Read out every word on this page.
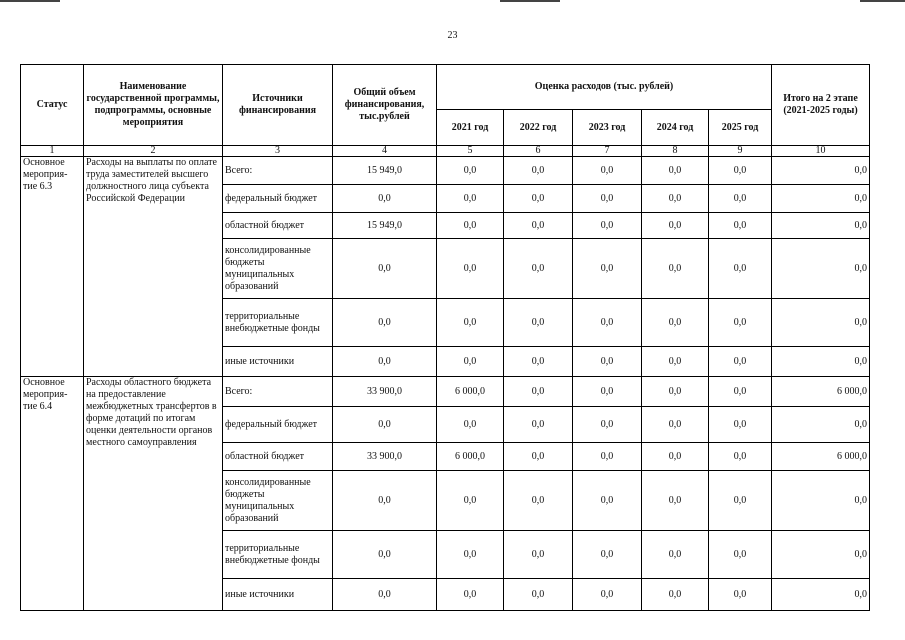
23
Статус	Наименование государственной программы, подпрограммы, основные мероприятия	Источники финансирования	Общий объем финансирования, тыс.рублей	Оценка расходов (тыс. рублей)					Итого на 2 этапе (2021-2025 годы)
				2021 год	2022 год	2023 год	2024 год	2025 год	
1	2	3	4	5	6	7	8	9	10
Основное мероприя-тие 6.3	Расходы на выплаты по оплате труда заместителей высшего должностного лица субъекта Российской Федерации	Всего:	15 949,0	0,0	0,0	0,0	0,0	0,0	0,0
		федеральный бюджет	0,0	0,0	0,0	0,0	0,0	0,0	0,0
		областной бюджет	15 949,0	0,0	0,0	0,0	0,0	0,0	0,0
		консолидированные бюджеты муниципальных образований	0,0	0,0	0,0	0,0	0,0	0,0	0,0
		территориальные внебюджетные фонды	0,0	0,0	0,0	0,0	0,0	0,0	0,0
		иные источники	0,0	0,0	0,0	0,0	0,0	0,0	0,0
Основное мероприя-тие 6.4	Расходы областного бюджета на предоставление межбюджетных трансфертов в форме дотаций по итогам оценки деятельности органов местного самоуправления	Всего:	33 900,0	6 000,0	0,0	0,0	0,0	0,0	6 000,0
		федеральный бюджет	0,0	0,0	0,0	0,0	0,0	0,0	0,0
		областной бюджет	33 900,0	6 000,0	0,0	0,0	0,0	0,0	6 000,0
		консолидированные бюджеты муниципальных образований	0,0	0,0	0,0	0,0	0,0	0,0	0,0
		территориальные внебюджетные фонды	0,0	0,0	0,0	0,0	0,0	0,0	0,0
		иные источники	0,0	0,0	0,0	0,0	0,0	0,0	0,0
